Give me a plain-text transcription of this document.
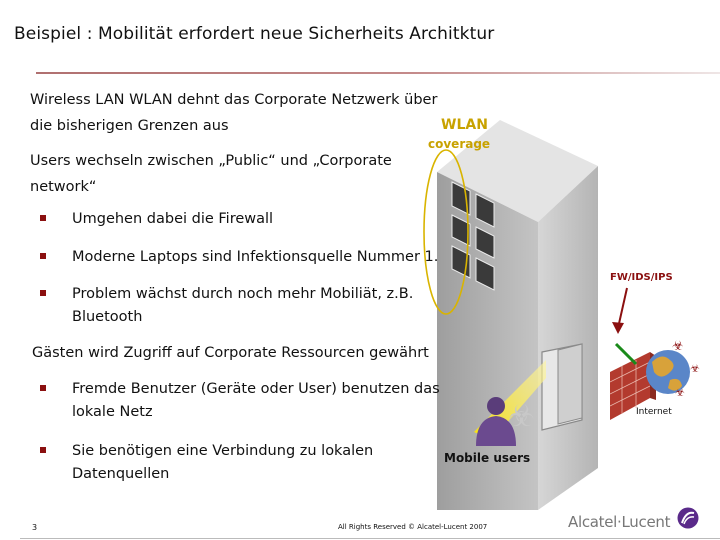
Beispiel : Mobilität erfordert neue Sicherheits Architktur
☣
☣
☣
☣
WLAN
coverage
FW/IDS/IPS
Internet
Mobile users
Wireless LAN WLAN dehnt das Corporate Netzwerk über
die bisherigen Grenzen aus
Users wechseln zwischen „Public“ und „Corporate
network“
Umgehen dabei die Firewall
Moderne Laptops sind Infektionsquelle Nummer 1.
Problem wächst durch noch mehr Mobiliät, z.B.
Bluetooth
Gästen wird Zugriff auf Corporate Ressourcen gewährt
Fremde Benutzer (Geräte oder User) benutzen das
lokale Netz
Sie benötigen eine Verbindung zu lokalen
Datenquellen
3	All Rights Reserved © Alcatel-Lucent 2007	Alcatel·Lucent
